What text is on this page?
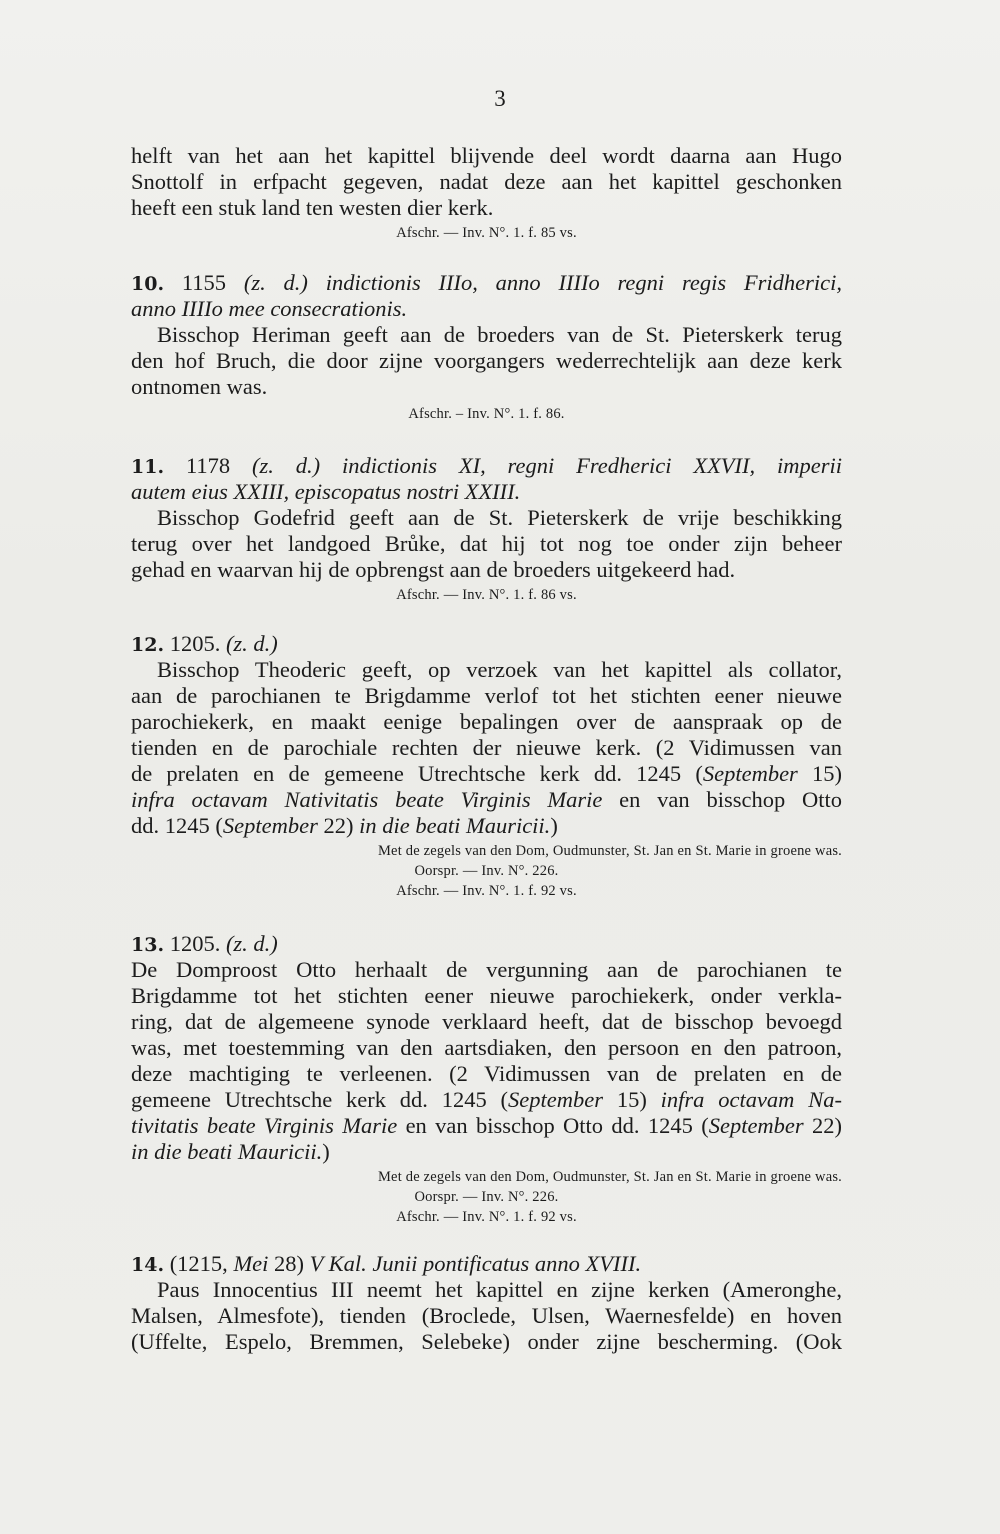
3
helft van het aan het kapittel blijvende deel wordt daarna aan Hugo
Snottolf in erfpacht gegeven, nadat deze aan het kapittel geschonken
heeft een stuk land ten westen dier kerk.
Afschr. — Inv. N°. 1. f. 85 vs.
10. 1155 (z. d.) indictionis IIIo, anno IIIIo regni regis Fridherici,
anno IIIIo mee consecrationis.
Bisschop Heriman geeft aan de broeders van de St. Pieterskerk terug
den hof Bruch, die door zijne voorgangers wederrechtelijk aan deze kerk
ontnomen was.
Afschr. – Inv. N°. 1. f. 86.
11. 1178 (z. d.) indictionis XI, regni Fredherici XXVII, imperii
autem eius XXIII, episcopatus nostri XXIII.
Bisschop Godefrid geeft aan de St. Pieterskerk de vrije beschikking
terug over het landgoed Brůke, dat hij tot nog toe onder zijn beheer
gehad en waarvan hij de opbrengst aan de broeders uitgekeerd had.
Afschr. — Inv. N°. 1. f. 86 vs.
12. 1205. (z. d.)
Bisschop Theoderic geeft, op verzoek van het kapittel als collator,
aan de parochianen te Brigdamme verlof tot het stichten eener nieuwe
parochiekerk, en maakt eenige bepalingen over de aanspraak op de
tienden en de parochiale rechten der nieuwe kerk. (2 Vidimussen van
de prelaten en de gemeene Utrechtsche kerk dd. 1245 (September 15)
infra octavam Nativitatis beate Virginis Marie en van bisschop Otto
dd. 1245 (September 22) in die beati Mauricii.)
Met de zegels van den Dom, Oudmunster, St. Jan en St. Marie in groene was.
Oorspr. — Inv. N°. 226.
Afschr. — Inv. N°. 1. f. 92 vs.
13. 1205. (z. d.)
De Domproost Otto herhaalt de vergunning aan de parochianen te
Brigdamme tot het stichten eener nieuwe parochiekerk, onder verkla-
ring, dat de algemeene synode verklaard heeft, dat de bisschop bevoegd
was, met toestemming van den aartsdiaken, den persoon en den patroon,
deze machtiging te verleenen. (2 Vidimussen van de prelaten en de
gemeene Utrechtsche kerk dd. 1245 (September 15) infra octavam Na-
tivitatis beate Virginis Marie en van bisschop Otto dd. 1245 (September 22)
in die beati Mauricii.)
Met de zegels van den Dom, Oudmunster, St. Jan en St. Marie in groene was.
Oorspr. — Inv. N°. 226.
Afschr. — Inv. N°. 1. f. 92 vs.
14. (1215, Mei 28) V Kal. Junii pontificatus anno XVIII.
Paus Innocentius III neemt het kapittel en zijne kerken (Ameronghe,
Malsen, Almesfote), tienden (Broclede, Ulsen, Waernesfelde) en hoven
(Uffelte, Espelo, Bremmen, Selebeke) onder zijne bescherming. (Ook
